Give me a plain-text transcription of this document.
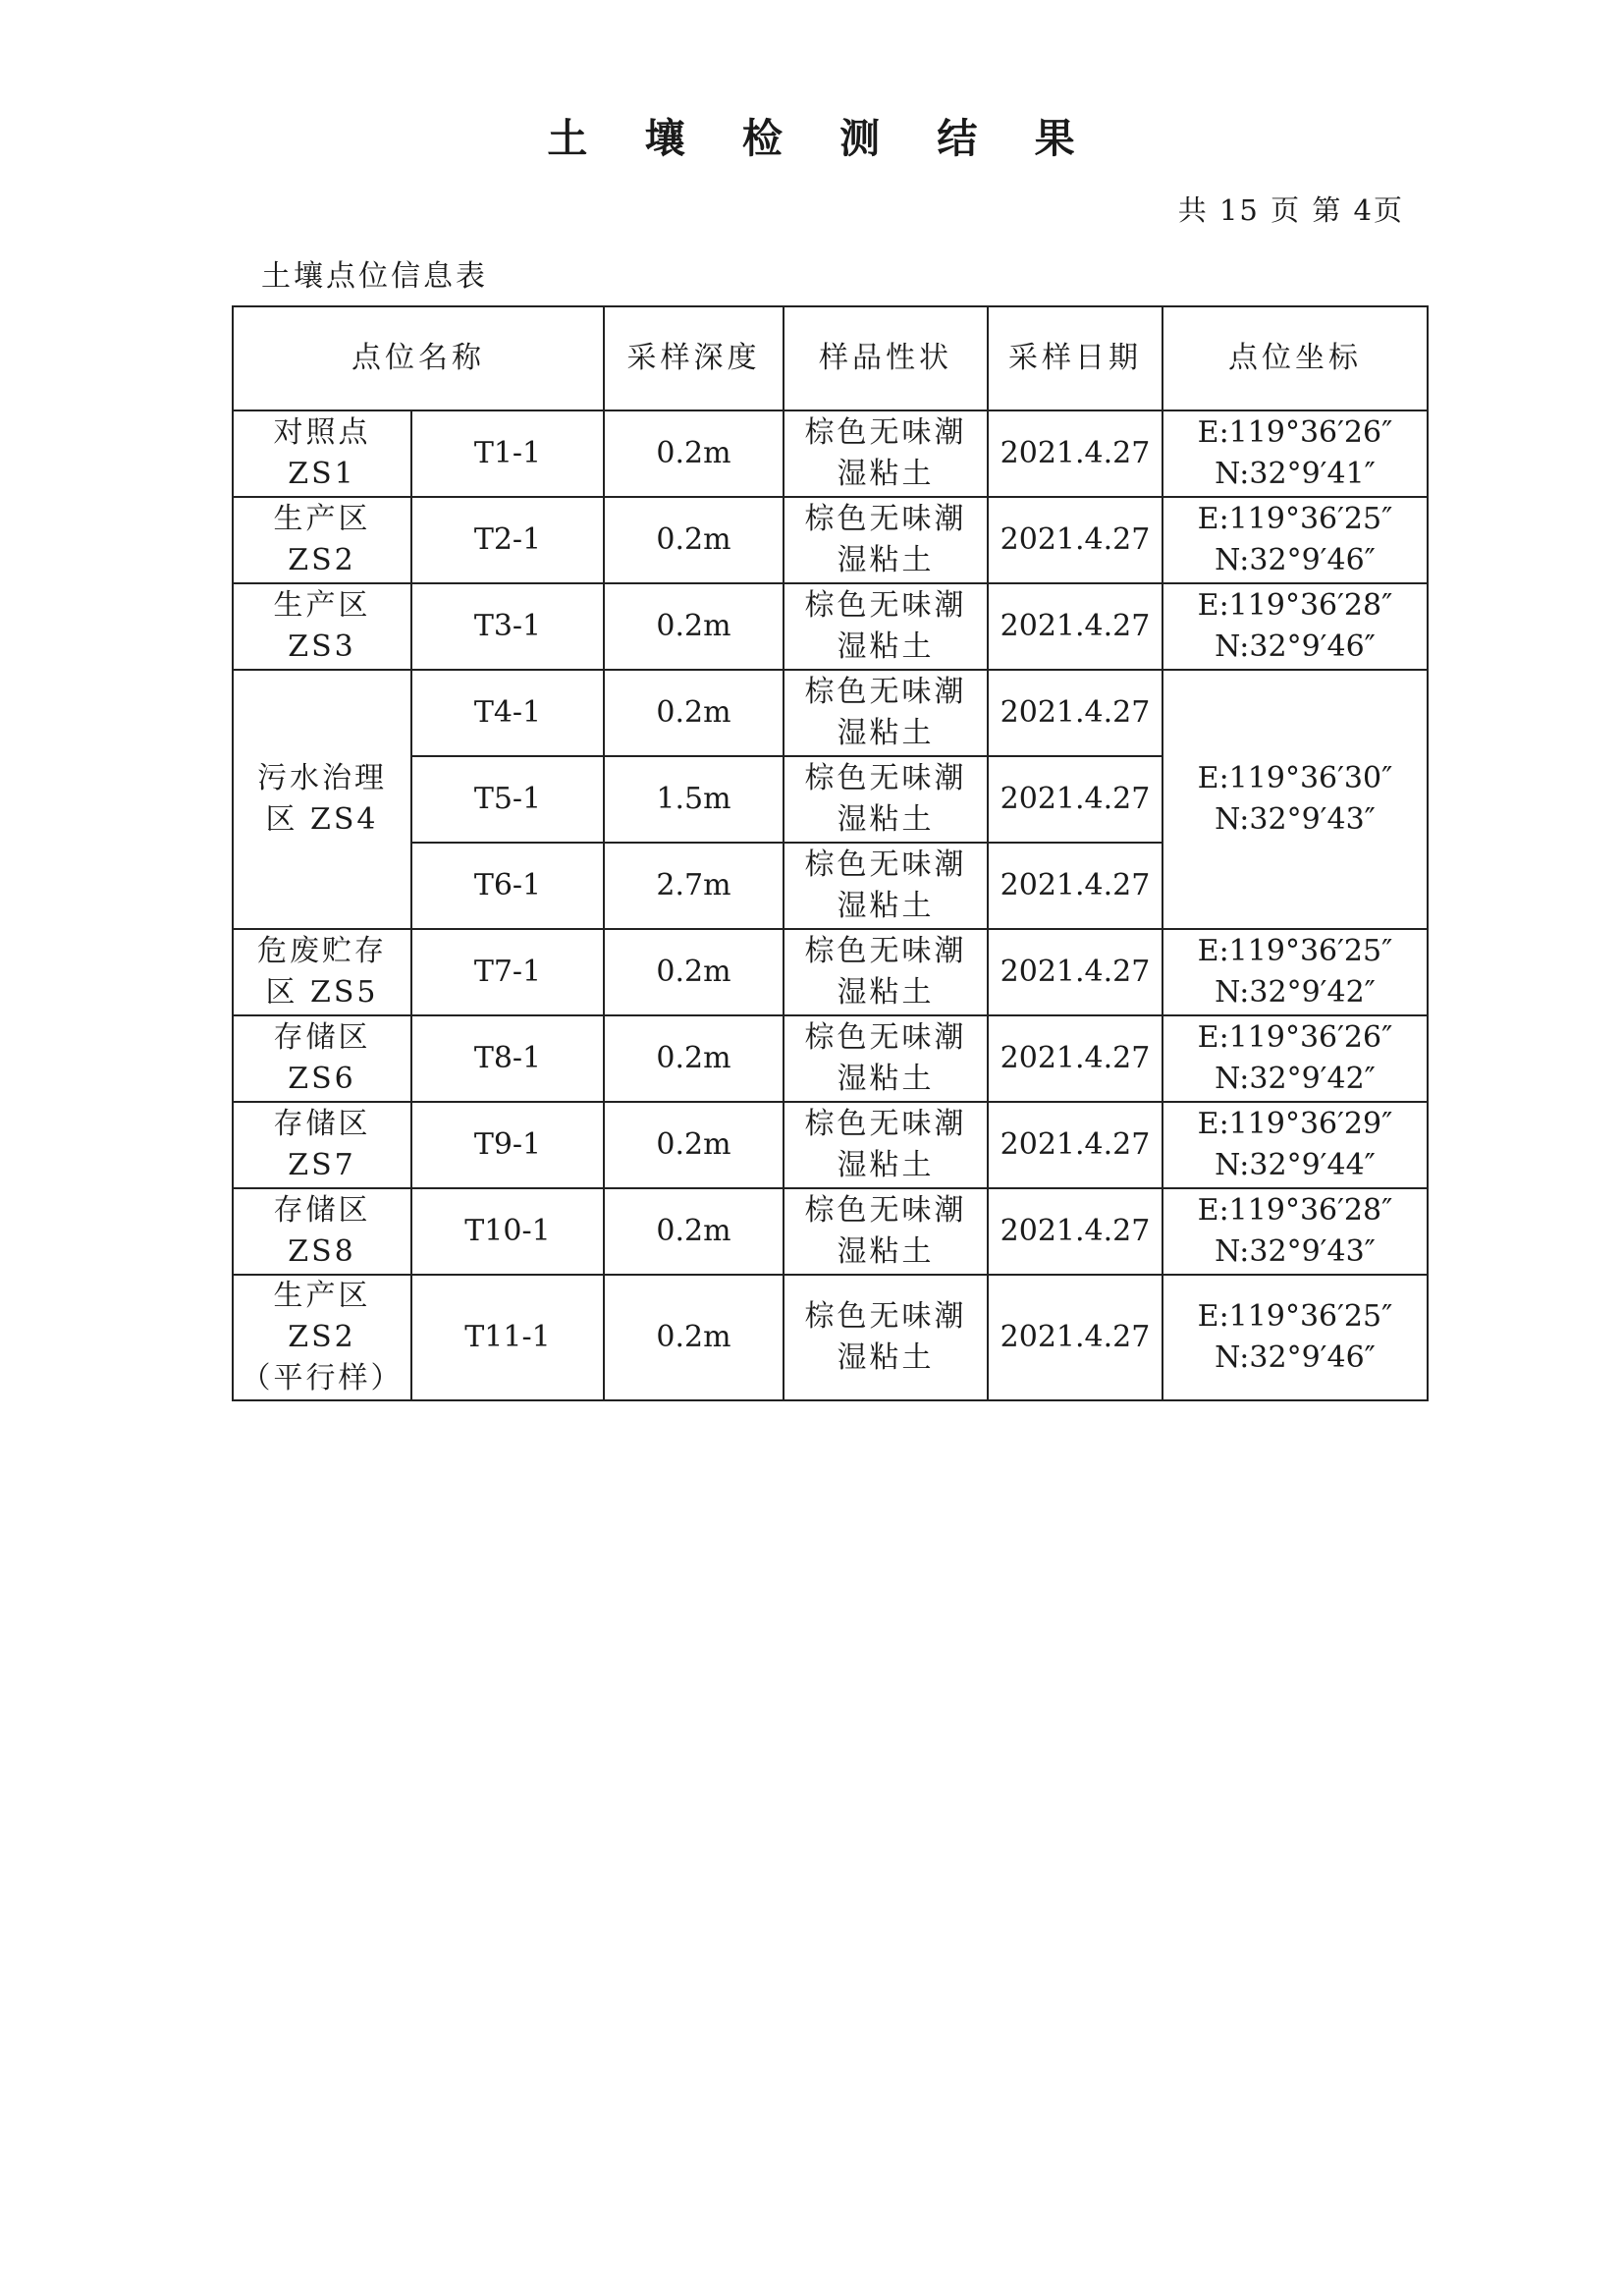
土 壤 检 测 结 果
共 15 页 第 4页
土壤点位信息表
点位名称		采样深度	样品性状	采样日期	点位坐标

对照点
ZS1	T1-1	0.2m	棕色无味潮
湿粘土	2021.4.27	E:119°36′26″
N:32°9′41″

生产区
ZS2	T2-1	0.2m	棕色无味潮
湿粘土	2021.4.27	E:119°36′25″
N:32°9′46″

生产区
ZS3	T3-1	0.2m	棕色无味潮
湿粘土	2021.4.27	E:119°36′28″
N:32°9′46″

污水治理
区 ZS4	T4-1	0.2m	棕色无味潮
湿粘土	2021.4.27	E:119°36′30″
N:32°9′43″

	T5-1	1.5m	棕色无味潮
湿粘土	2021.4.27	
	T6-1	2.7m	棕色无味潮
湿粘土	2021.4.27	

危废贮存
区 ZS5	T7-1	0.2m	棕色无味潮
湿粘土	2021.4.27	E:119°36′25″
N:32°9′42″

存储区
ZS6	T8-1	0.2m	棕色无味潮
湿粘土	2021.4.27	E:119°36′26″
N:32°9′42″

存储区
ZS7	T9-1	0.2m	棕色无味潮
湿粘土	2021.4.27	E:119°36′29″
N:32°9′44″

存储区
ZS8	T10-1	0.2m	棕色无味潮
湿粘土	2021.4.27	E:119°36′28″
N:32°9′43″

生产区
ZS2
（平行样）	T11-1	0.2m	棕色无味潮
湿粘土	2021.4.27	E:119°36′25″
N:32°9′46″
